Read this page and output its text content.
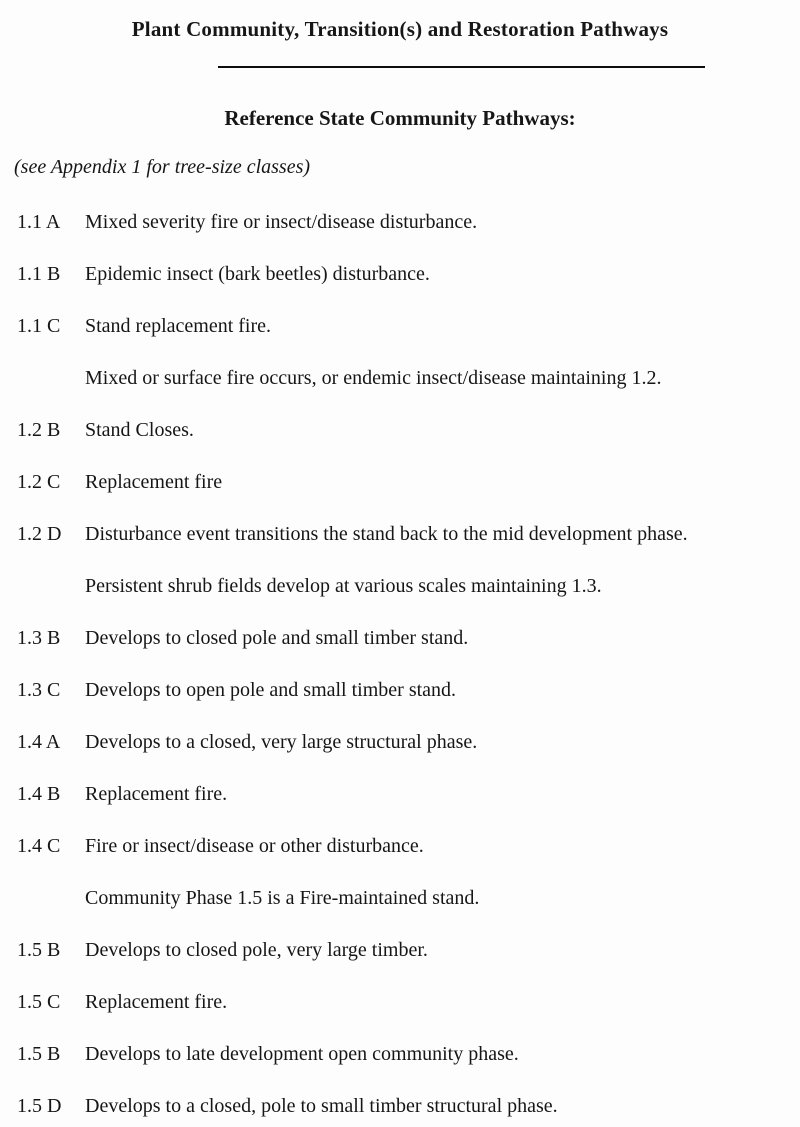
Plant Community, Transition(s) and Restoration Pathways
Reference State Community Pathways:
(see Appendix 1 for tree-size classes)
1.1 A	Mixed severity fire or insect/disease disturbance.
1.1 B	Epidemic insect (bark beetles) disturbance.
1.1 C	Stand replacement fire.
Mixed or surface fire occurs, or endemic insect/disease maintaining 1.2.
1.2 B	Stand Closes.
1.2 C	Replacement fire
1.2 D	Disturbance event transitions the stand back to the mid development phase.
Persistent shrub fields develop at various scales maintaining 1.3.
1.3 B	Develops to closed pole and small timber stand.
1.3 C	Develops to open pole and small timber stand.
1.4 A	Develops to a closed, very large structural phase.
1.4 B	Replacement fire.
1.4 C	Fire or insect/disease or other disturbance.
Community Phase 1.5 is a Fire-maintained stand.
1.5 B	Develops to closed pole, very large timber.
1.5 C	Replacement fire.
1.5 B	Develops to late development open community phase.
1.5 D	Develops to a closed, pole to small timber structural phase.
